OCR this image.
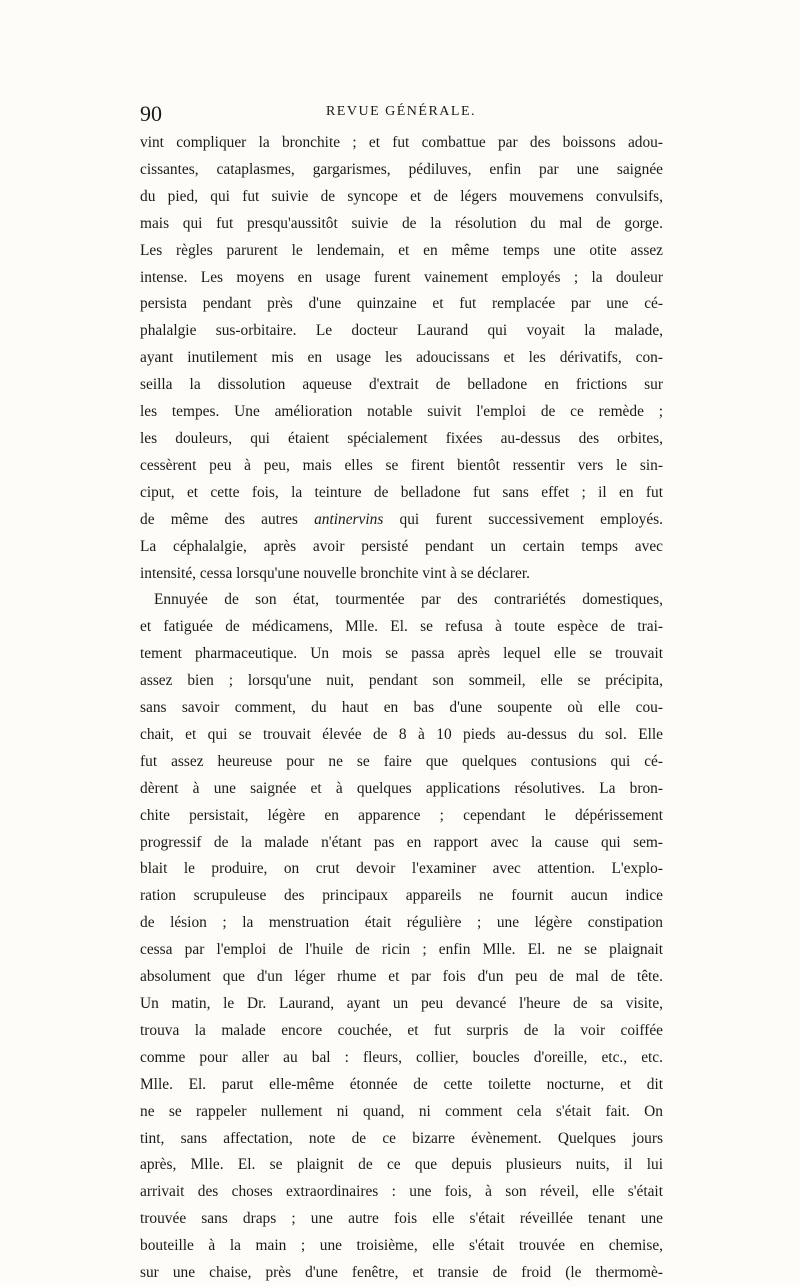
90	REVUE GÉNÉRALE.

vint compliquer la bronchite ; et fut combattue par des boissons adou-
cissantes, cataplasmes, gargarismes, pédiluves, enfin par une saignée
du pied, qui fut suivie de syncope et de légers mouvemens convulsifs,
mais qui fut presqu'aussitôt suivie de la résolution du mal de gorge.
Les règles parurent le lendemain, et en même temps une otite assez
intense. Les moyens en usage furent vainement employés ; la douleur
persista pendant près d'une quinzaine et fut remplacée par une cé-
phalalgie sus-orbitaire. Le docteur Laurand qui voyait la malade,
ayant inutilement mis en usage les adoucissans et les dérivatifs, con-
seilla la dissolution aqueuse d'extrait de belladone en frictions sur
les tempes. Une amélioration notable suivit l'emploi de ce remède ;
les douleurs, qui étaient spécialement fixées au-dessus des orbites,
cessèrent peu à peu, mais elles se firent bientôt ressentir vers le sin-
ciput, et cette fois, la teinture de belladone fut sans effet ; il en fut
de même des autres antinervins qui furent successivement employés.
La céphalalgie, après avoir persisté pendant un certain temps avec
intensité, cessa lorsqu'une nouvelle bronchite vint à se déclarer.

Ennuyée de son état, tourmentée par des contrariétés domestiques,
et fatiguée de médicamens, Mlle. El. se refusa à toute espèce de trai-
tement pharmaceutique. Un mois se passa après lequel elle se trouvait
assez bien ; lorsqu'une nuit, pendant son sommeil, elle se précipita,
sans savoir comment, du haut en bas d'une soupente où elle cou-
chait, et qui se trouvait élevée de 8 à 10 pieds au-dessus du sol. Elle
fut assez heureuse pour ne se faire que quelques contusions qui cé-
dèrent à une saignée et à quelques applications résolutives. La bron-
chite persistait, légère en apparence ; cependant le dépérissement
progressif de la malade n'étant pas en rapport avec la cause qui sem-
blait le produire, on crut devoir l'examiner avec attention. L'explo-
ration scrupuleuse des principaux appareils ne fournit aucun indice
de lésion ; la menstruation était régulière ; une légère constipation
cessa par l'emploi de l'huile de ricin ; enfin Mlle. El. ne se plaignait
absolument que d'un léger rhume et par fois d'un peu de mal de tête.
Un matin, le Dr. Laurand, ayant un peu devancé l'heure de sa visite,
trouva la malade encore couchée, et fut surpris de la voir coiffée
comme pour aller au bal : fleurs, collier, boucles d'oreille, etc., etc.
Mlle. El. parut elle-même étonnée de cette toilette nocturne, et dit
ne se rappeler nullement ni quand, ni comment cela s'était fait. On
tint, sans affectation, note de ce bizarre évènement. Quelques jours
après, Mlle. El. se plaignit de ce que depuis plusieurs nuits, il lui
arrivait des choses extraordinaires : une fois, à son réveil, elle s'était
trouvée sans draps ; une autre fois elle s'était réveillée tenant une
bouteille à la main ; une troisième, elle s'était trouvée en chemise,
sur une chaise, près d'une fenêtre, et transie de froid (le thermomè-
